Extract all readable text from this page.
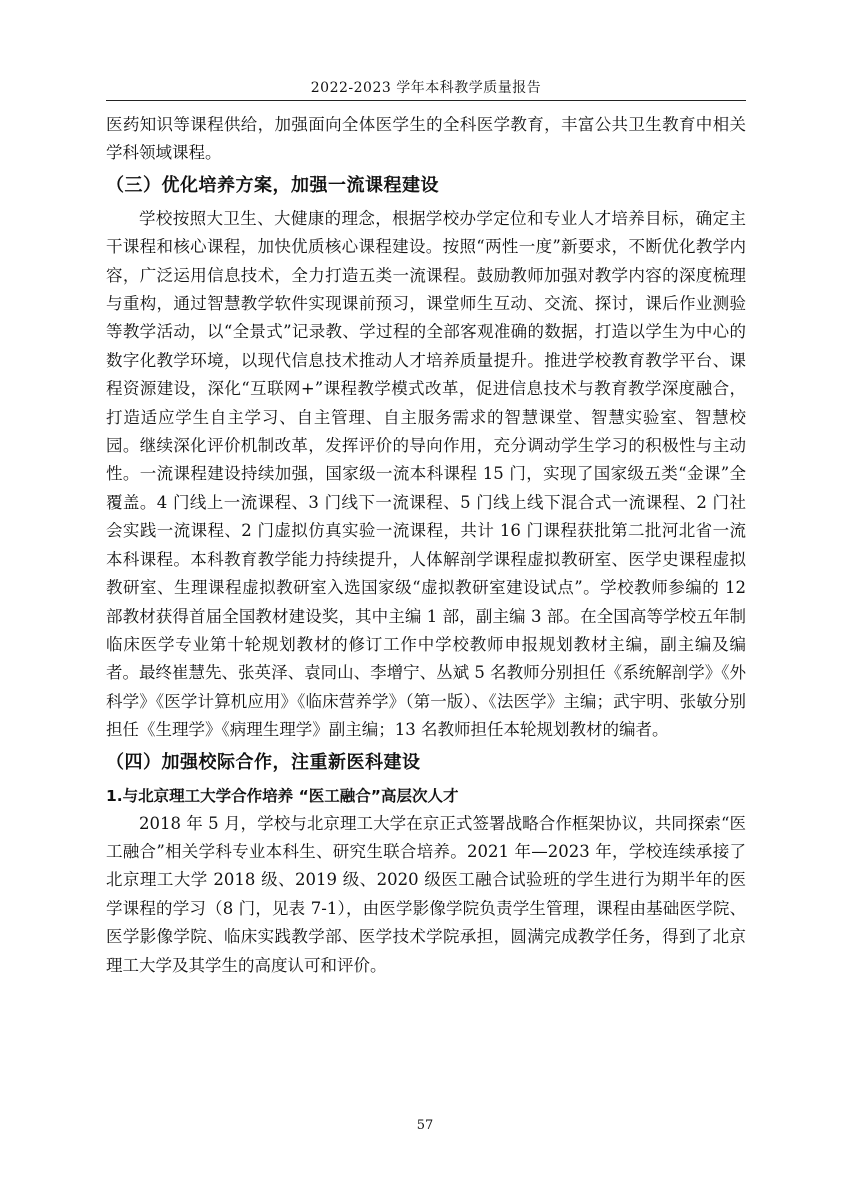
2022-2023 学年本科教学质量报告

医药知识等课程供给，加强面向全体医学生的全科医学教育，丰富公共卫生教育中相关学科领域课程。

（三）优化培养方案，加强一流课程建设

学校按照大卫生、大健康的理念，根据学校办学定位和专业人才培养目标，确定主干课程和核心课程，加快优质核心课程建设。按照“两性一度”新要求，不断优化教学内容，广泛运用信息技术，全力打造五类一流课程。鼓励教师加强对教学内容的深度梳理与重构，通过智慧教学软件实现课前预习，课堂师生互动、交流、探讨，课后作业测验等教学活动，以“全景式”记录教、学过程的全部客观准确的数据，打造以学生为中心的数字化教学环境，以现代信息技术推动人才培养质量提升。推进学校教育教学平台、课程资源建设，深化“互联网+”课程教学模式改革，促进信息技术与教育教学深度融合，打造适应学生自主学习、自主管理、自主服务需求的智慧课堂、智慧实验室、智慧校园。继续深化评价机制改革，发挥评价的导向作用，充分调动学生学习的积极性与主动性。一流课程建设持续加强，国家级一流本科课程 15 门，实现了国家级五类“金课”全覆盖。4 门线上一流课程、3 门线下一流课程、5 门线上线下混合式一流课程、2 门社会实践一流课程、2 门虚拟仿真实验一流课程，共计 16 门课程获批第二批河北省一流本科课程。本科教育教学能力持续提升，人体解剖学课程虚拟教研室、医学史课程虚拟教研室、生理课程虚拟教研室入选国家级“虚拟教研室建设试点”。学校教师参编的 12 部教材获得首届全国教材建设奖，其中主编 1 部，副主编 3 部。在全国高等学校五年制临床医学专业第十轮规划教材的修订工作中学校教师申报规划教材主编，副主编及编者。最终崔慧先、张英泽、袁同山、李增宁、丛斌 5 名教师分别担任《系统解剖学》《外科学》《医学计算机应用》《临床营养学》（第一版）、《法医学》主编；武宇明、张敏分别担任《生理学》《病理生理学》副主编；13 名教师担任本轮规划教材的编者。

（四）加强校际合作，注重新医科建设
1.与北京理工大学合作培养 “医工融合”高层次人才

2018 年 5 月，学校与北京理工大学在京正式签署战略合作框架协议，共同探索“医工融合”相关学科专业本科生、研究生联合培养。2021 年—2023 年，学校连续承接了北京理工大学 2018 级、2019 级、2020 级医工融合试验班的学生进行为期半年的医学课程的学习（8 门，见表 7-1），由医学影像学院负责学生管理，课程由基础医学院、医学影像学院、临床实践教学部、医学技术学院承担，圆满完成教学任务，得到了北京理工大学及其学生的高度认可和评价。

57
